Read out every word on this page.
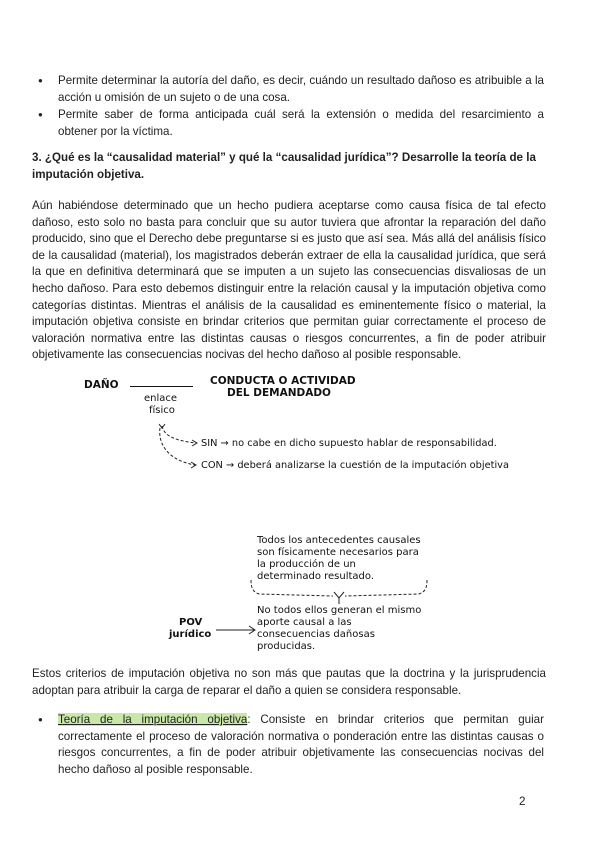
● Permite determinar la autoría del daño, es decir, cuándo un resultado dañoso es atribuible a la acción u omisión de un sujeto o de una cosa.
● Permite saber de forma anticipada cuál será la extensión o medida del resarcimiento a obtener por la víctima.

3. ¿Qué es la “causalidad material” y qué la “causalidad jurídica”? Desarrolle la teoría de la imputación objetiva.

Aún habiéndose determinado que un hecho pudiera aceptarse como causa física de tal efecto dañoso, esto solo no basta para concluir que su autor tuviera que afrontar la reparación del daño producido, sino que el Derecho debe preguntarse si es justo que así sea. Más allá del análisis físico de la causalidad (material), los magistrados deberán extraer de ella la causalidad jurídica, que será la que en definitiva determinará que se imputen a un sujeto las consecuencias disvaliosas de un hecho dañoso. Para esto debemos distinguir entre la relación causal y la imputación objetiva como categorías distintas. Mientras el análisis de la causalidad es eminentemente físico o material, la imputación objetiva consiste en brindar criterios que permitan guiar correctamente el proceso de valoración normativa entre las distintas causas o riesgos concurrentes, a fin de poder atribuir objetivamente las consecuencias nocivas del hecho dañoso al posible responsable.

DAÑO	CONDUCTA O ACTIVIDAD
DEL DEMANDADO
enlace
físico
SIN → no cabe en dicho supuesto hablar de responsabilidad.
CON → deberá analizarse la cuestión de la imputación objetiva
Todos los antecedentes causales
son físicamente necesarios para
la producción de un
determinado resultado.
POV
jurídico
No todos ellos generan el mismo
aporte causal a las
consecuencias dañosas
producidas.

Estos criterios de imputación objetiva no son más que pautas que la doctrina y la jurisprudencia adoptan para atribuir la carga de reparar el daño a quien se considera responsable.

● Teoría de la imputación objetiva: Consiste en brindar criterios que permitan guiar correctamente el proceso de valoración normativa o ponderación entre las distintas causas o riesgos concurrentes, a fin de poder atribuir objetivamente las consecuencias nocivas del hecho dañoso al posible responsable.
2
